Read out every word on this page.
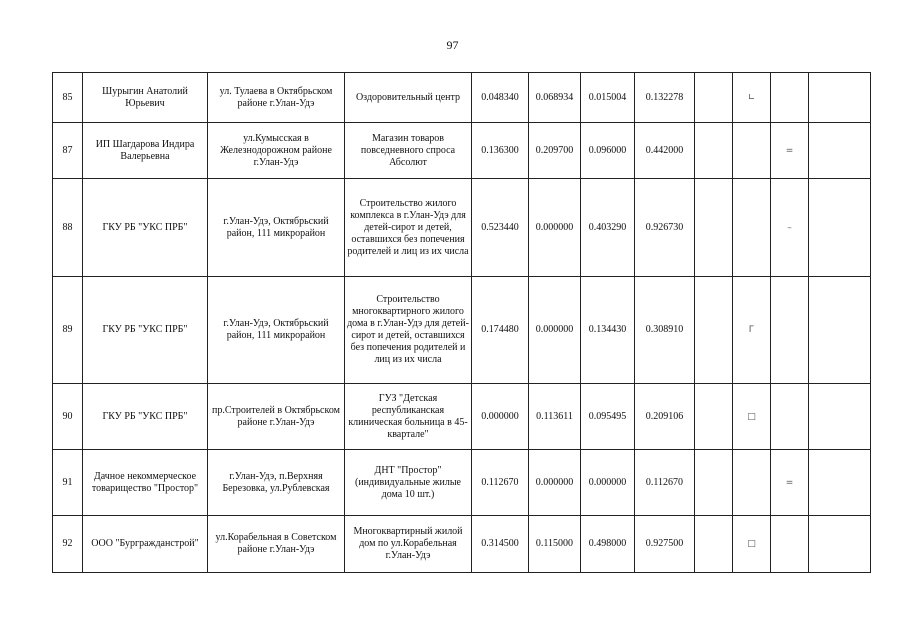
97
85	Шурыгин Анатолий Юрьевич	ул. Тулаева в Октябрьском районе г.Улан-Удэ	Оздоровительный центр	0.048340	0.068934	0.015004	0.132278		∟		
87	ИП Шагдарова Индира Валерьевна	ул.Кумысская в Железнодорожном районе г.Улан-Удэ	Магазин товаров повседневного спроса Абсолют	0.136300	0.209700	0.096000	0.442000			=	
88	ГКУ РБ "УКС ПРБ"	г.Улан-Удэ, Октябрьский район, 111 микрорайон	Строительство жилого комплекса в г.Улан-Удэ для детей-сирот и детей, оставшихся без попечения родителей и лиц из их числа	0.523440	0.000000	0.403290	0.926730			–	
89	ГКУ РБ "УКС ПРБ"	г.Улан-Удэ, Октябрьский район, 111 микрорайон	Строительство многоквартирного жилого дома в г.Улан-Удэ для детей-сирот и детей, оставшихся без попечения родителей и лиц из их числа	0.174480	0.000000	0.134430	0.308910		Г		
90	ГКУ РБ "УКС ПРБ"	пр.Строителей в Октябрьском районе г.Улан-Удэ	ГУЗ "Детская республиканская клиническая больница в 45-квартале"	0.000000	0.113611	0.095495	0.209106		□		
91	Дачное некоммерческое товарищество "Простор"	г.Улан-Удэ, п.Верхняя Березовка, ул.Рублевская	ДНТ "Простор" (индивидуальные жилые дома 10 шт.)	0.112670	0.000000	0.000000	0.112670			=	
92	ООО "Бургражданстрой"	ул.Корабельная в Советском районе г.Улан-Удэ	Многоквартирный жилой дом по ул.Корабельная г.Улан-Удэ	0.314500	0.115000	0.498000	0.927500		□		
